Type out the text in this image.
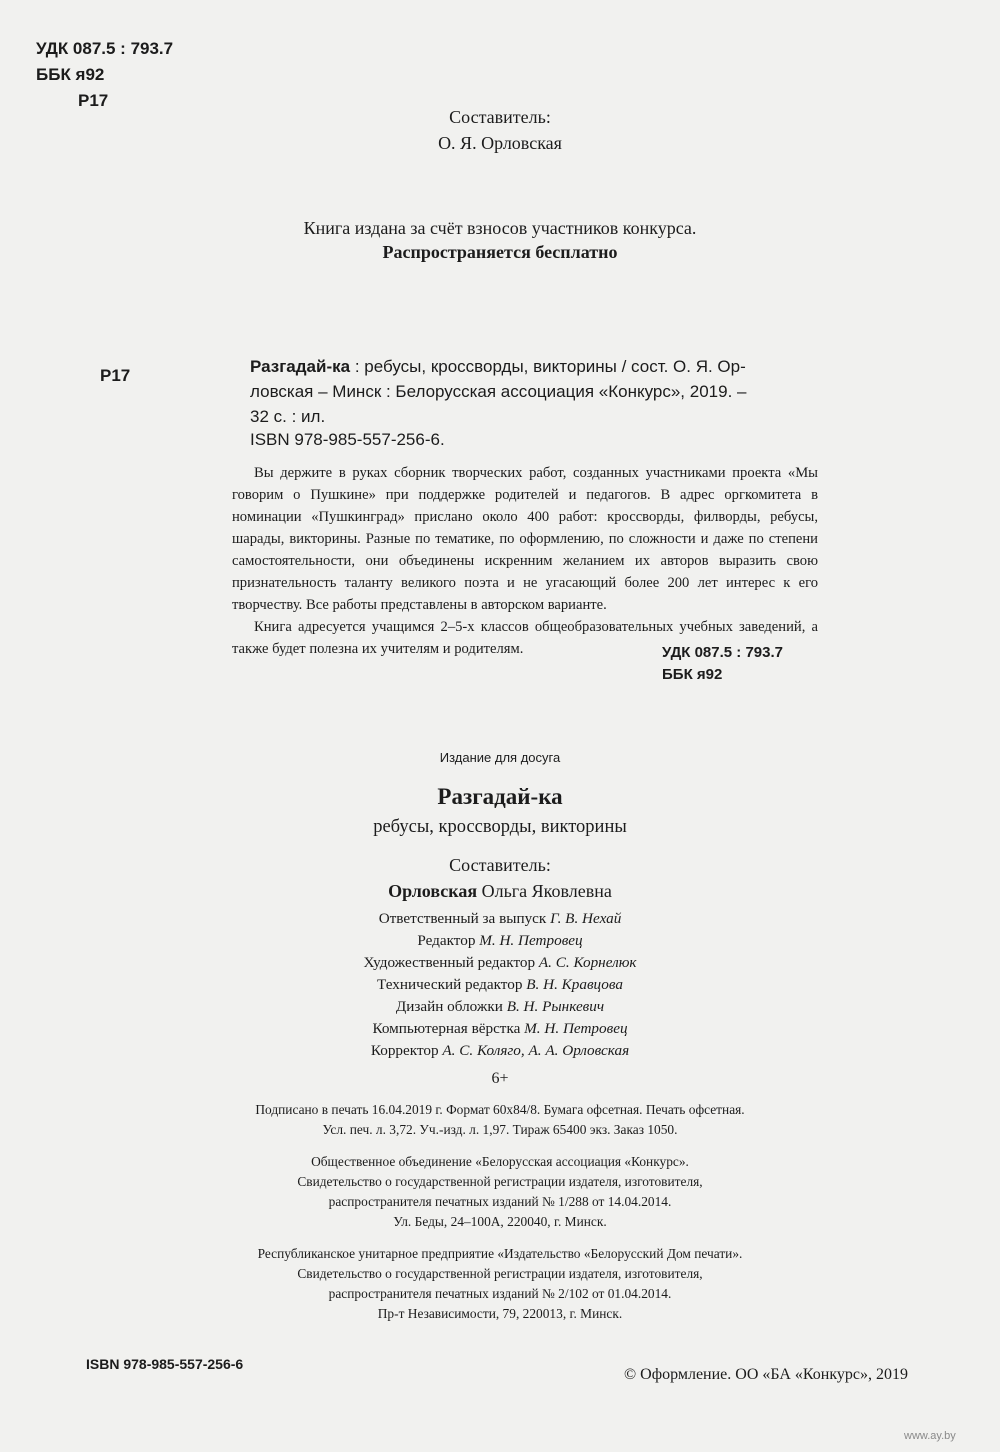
УДК 087.5 : 793.7
ББК я92
Р17
Составитель:
О. Я. Орловская
Книга издана за счёт взносов участников конкурса.
Распространяется бесплатно
Р17	Разгадай-ка : ребусы, кроссворды, викторины / сост. О. Я. Ор-

ловская – Минск : Белорусская ассоциация «Конкурс», 2019. –

32 с. : ил.

ISBN 978-985-557-256-6.

Вы держите в руках сборник творческих работ, созданных участниками проекта «Мы говорим о Пушкине» при поддержке родителей и педагогов. В адрес оргкомитета в номинации «Пушкинград» прислано около 400 работ: кроссворды, филворды, ребусы, шарады, викторины. Разные по тематике, по оформлению, по сложности и даже по степени самостоятельности, они объединены искренним желанием их авторов выразить свою признательность таланту великого поэта и не угасающий более 200 лет интерес к его творчеству. Все работы представлены в авторском варианте.

Книга адресуется учащимся 2–5-х классов общеобразовательных учебных заведений, а также будет полезна их учителям и родителям.	УДК 087.5 : 793.7
ББК я92
Издание для досуга
Разгадай-ка
ребусы, кроссворды, викторины
Составитель:
Орловская Ольга Яковлевна
Ответственный за выпуск Г. В. Нехай
Редактор М. Н. Петровец
Художественный редактор А. С. Корнелюк
Технический редактор В. Н. Кравцова
Дизайн обложки В. Н. Рынкевич
Компьютерная вёрстка М. Н. Петровец
Корректор А. С. Коляго, А. А. Орловская
6+
Подписано в печать 16.04.2019 г. Формат 60x84/8. Бумага офсетная. Печать офсетная.
Усл. печ. л. 3,72. Уч.-изд. л. 1,97. Тираж 65400 экз. Заказ 1050.
Общественное объединение «Белорусская ассоциация «Конкурс».
Свидетельство о государственной регистрации издателя, изготовителя,
распространителя печатных изданий № 1/288 от 14.04.2014.
Ул. Беды, 24–100А, 220040, г. Минск.
Республиканское унитарное предприятие «Издательство «Белорусский Дом печати».
Свидетельство о государственной регистрации издателя, изготовителя,
распространителя печатных изданий № 2/102 от 01.04.2014.
Пр-т Независимости, 79, 220013, г. Минск.
ISBN 978-985-557-256-6
© Оформление. ОО «БА «Конкурс», 2019
www.ay.by
